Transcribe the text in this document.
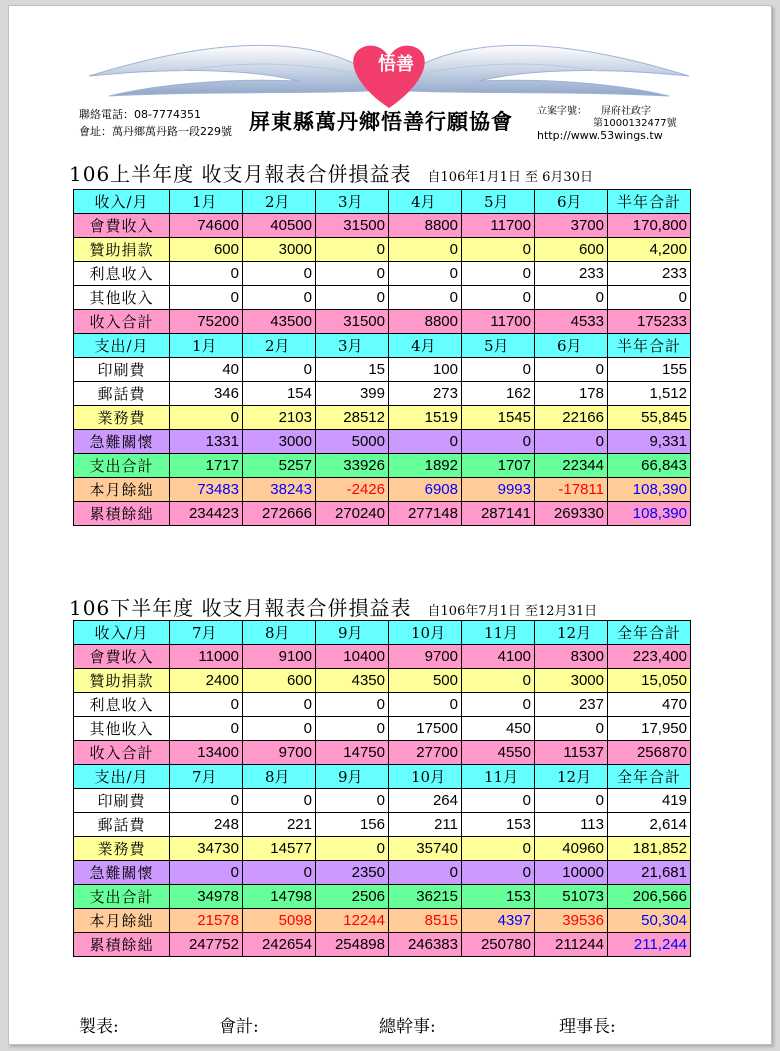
悟善
聯絡電話：08-7774351
會址：萬丹鄉萬丹路一段229號 屏東縣萬丹鄉悟善行願協會 立案字號： 屏府社政字
第1000132477號
http://www.53wings.tw
106上半年度 收支月報表合併損益表 自106年1月1日 至 6月30日
收入/月	1月	2月	3月	4月	5月	6月	半年合計
會費收入	74600	40500	31500	8800	11700	3700	170,800
贊助捐款	600	3000	0	0	0	600	4,200
利息收入	0	0	0	0	0	233	233
其他收入	0	0	0	0	0	0	0
收入合計	75200	43500	31500	8800	11700	4533	175233
支出/月	1月	2月	3月	4月	5月	6月	半年合計
印刷費	40	0	15	100	0	0	155
郵話費	346	154	399	273	162	178	1,512
業務費	0	2103	28512	1519	1545	22166	55,845
急難關懷	1331	3000	5000	0	0	0	9,331
支出合計	1717	5257	33926	1892	1707	22344	66,843
本月餘絀	73483	38243	-2426	6908	9993	-17811	108,390
累積餘絀	234423	272666	270240	277148	287141	269330	108,390
106下半年度 收支月報表合併損益表 自106年7月1日 至12月31日
收入/月	7月	8月	9月	10月	11月	12月	全年合計
會費收入	11000	9100	10400	9700	4100	8300	223,400
贊助捐款	2400	600	4350	500	0	3000	15,050
利息收入	0	0	0	0	0	237	470
其他收入	0	0	0	17500	450	0	17,950
收入合計	13400	9700	14750	27700	4550	11537	256870
支出/月	7月	8月	9月	10月	11月	12月	全年合計
印刷費	0	0	0	264	0	0	419
郵話費	248	221	156	211	153	113	2,614
業務費	34730	14577	0	35740	0	40960	181,852
急難關懷	0	0	2350	0	0	10000	21,681
支出合計	34978	14798	2506	36215	153	51073	206,566
本月餘絀	21578	5098	12244	8515	4397	39536	50,304
累積餘絀	247752	242654	254898	246383	250780	211244	211,244
製表:	會計:	總幹事:	理事長:
